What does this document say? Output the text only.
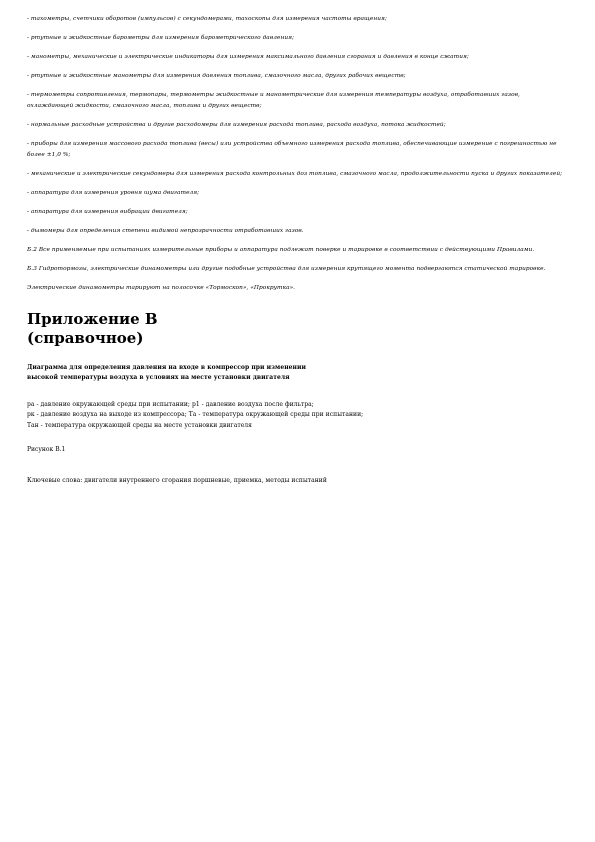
- тахометры, счетчики оборотов (импульсов) с секундомерами, тахоскопы для измерения частоты вращения;

- ртутные и жидкостные барометры для измерения барометрического давления;

- манометры, механические и электрические индикаторы для измерения максимального давления сгорания и давления в конце сжатия;

- ртутные и жидкостные манометры для измерения давления топлива, смазочного масла, других рабочих веществ;

- термометры сопротивления, термопары, термометры жидкостные и манометрические для измерения температуры воздуха, отработавших газов, охлаждающей жидкости, смазочного масла, топлива и других веществ;

- нормальные расходные устройства и другие расходомеры для измерения расхода топлива, расхода воздуха, потока жидкостей;

- приборы для измерения массового расхода топлива (весы) или устройства объемного измерения расхода топлива, обеспечивающие измерение с погрешностью не более ±1,0 %;

- механические и электрические секундомеры для измерения расхода контрольных доз топлива, смазочного масла, продолжительности пуска и других показателей;

- аппаратура для измерения уровня шума двигателя;

- аппаратура для измерения вибрации двигателя;

- дымомеры для определения степени видимой непрозрачности отработавших газов.

Б.2 Все применяемые при испытаниях измерительные приборы и аппаратура подлежат поверке и тарировке в соответствии с действующими Правилами.

Б.3 Гидротормозы, электрические динамометры или другие подобные устройства для измерения крутящего момента подвергаются статической тарировке.

Электрические динамометры тарируют на полосочке «Тормоскоп», «Прокрутка».

Приложение В
(справочное)
Диаграмма для определения давления на входе в компрессор при изменении
высокой температуры воздуха в условиях на месте установки двигателя
ра - давление окружающей среды при испытании; р1 - давление воздуха после фильтра;
рк - давление воздуха на выходе из компрессора; Та - температура окружающей среды при испытании;
Тан - температура окружающей среды на месте установки двигателя
Рисунок В.1
Ключевые слова: двигатели внутреннего сгорания поршневые, приемка, методы испытаний
